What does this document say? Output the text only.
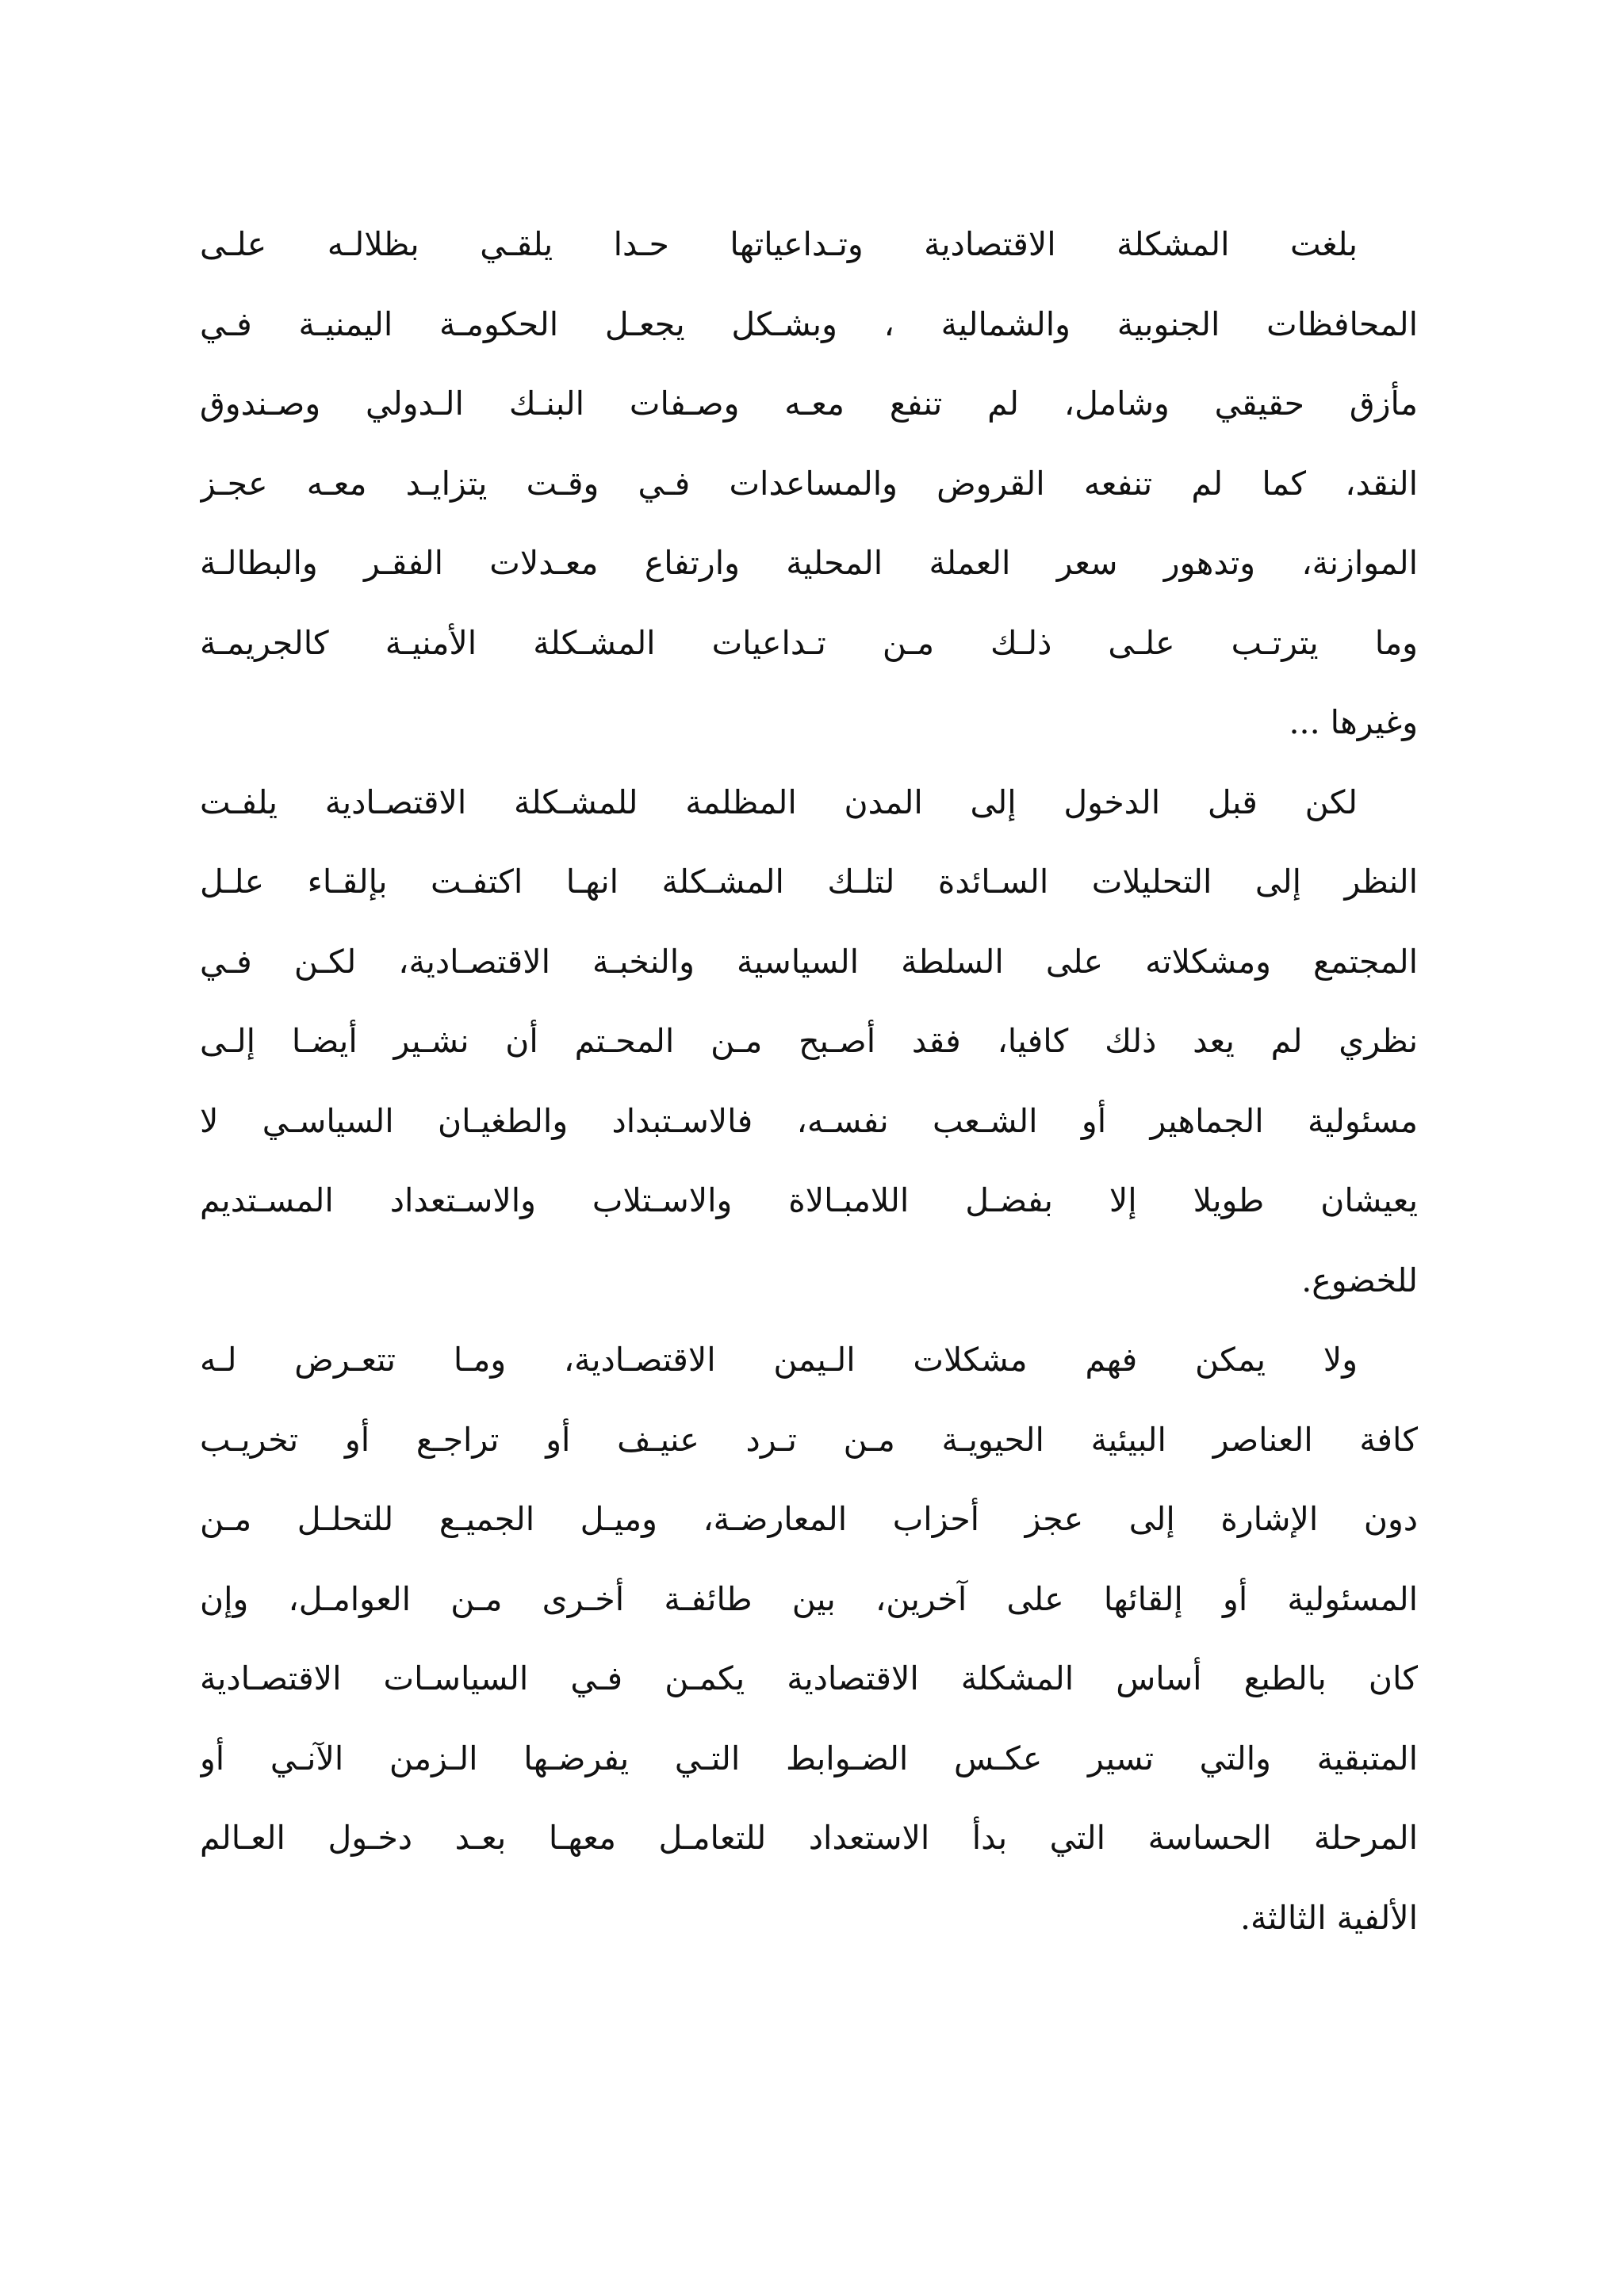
بلغت المشكلة الاقتصادية وتـداعياتها حـدا يلقـي بظلالـه علـى
المحافظات الجنوبية والشمالية ، وبشـكل يجعـل الحكومـة اليمنيـة فـي
مأزق حقيقي وشامل، لم تنفع معـه وصـفات البنـك الـدولي وصـندوق
النقد، كما لم تنفعه القروض والمساعدات فـي وقـت يتزايـد معـه عجـز
الموازنة، وتدهور سعر العملة المحلية وارتفاع معـدلات الفقـر والبطالـة
وما يترتـب علـى ذلـك مـن تـداعيات المشـكلة الأمنيـة كالجريمـة
وغيرها ...
لكن قبل الدخول إلى المدن المظلمة للمشـكلة الاقتصـادية يلفـت
النظر إلى التحليلات السـائدة لتلـك المشـكلة انهـا اكتفـت بإلقـاء علـل
المجتمع ومشكلاته على السلطة السياسية والنخبـة الاقتصـادية، لكـن فـي
نظري لم يعد ذلك كافيا، فقد أصـبح مـن المحـتم أن نشـير أيضـا إلـى
مسئولية الجماهير أو الشـعب نفسـه، فالاسـتبداد والطغيـان السياسـي لا
يعيشان طويلا إلا بفضـل اللامبـالاة والاسـتلاب والاسـتعداد المسـتديم
للخضوع.
ولا يمكن فهم مشكلات الـيمن الاقتصـادية، ومـا تتعـرض لـه
كافة العناصر البيئية الحيويـة مـن تـرد عنيـف أو تراجـع أو تخريـب
دون الإشارة إلى عجز أحزاب المعارضـة، وميـل الجميـع للتحلـل مـن
المسئولية أو إلقائها على آخرين، بين طائفـة أخـرى مـن العوامـل، وإن
كان بالطبع أساس المشكلة الاقتصادية يكمـن فـي السياسـات الاقتصـادية
المتبقية والتي تسير عكـس الضـوابط التـي يفرضـها الـزمن الآنـي أو
المرحلة الحساسة التي بدأ الاستعداد للتعامـل معهـا بعـد دخـول العـالم
الألفية الثالثة.
